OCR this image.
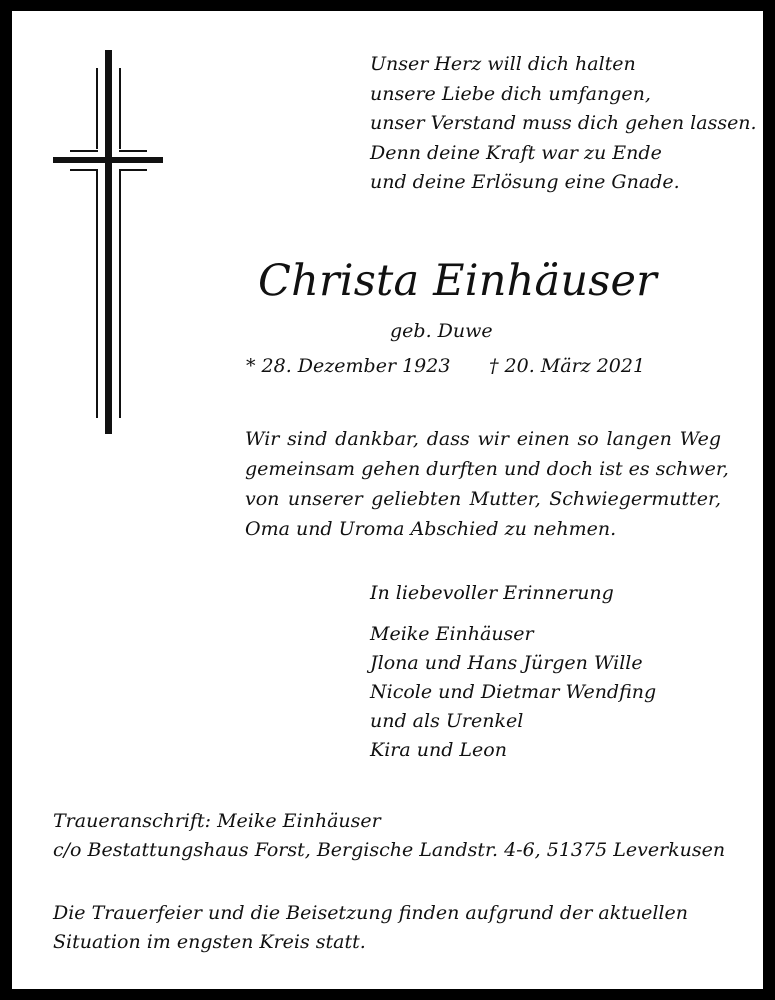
Unser Herz will dich halten
unsere Liebe dich umfangen,
unser Verstand muss dich gehen lassen.
Denn deine Kraft war zu Ende
und deine Erlösung eine Gnade.
Christa Einhäuser
geb. Duwe
* 28. Dezember 1923 † 20. März 2021
Wir sind dankbar, dass wir einen so langen Weg
gemeinsam gehen durften und doch ist es schwer,
von unserer geliebten Mutter, Schwiegermutter,
Oma und Uroma Abschied zu nehmen.
In liebevoller Erinnerung
Meike Einhäuser
Jlona und Hans Jürgen Wille
Nicole und Dietmar Wendfing
und als Urenkel
Kira und Leon
Traueranschrift: Meike Einhäuser
c/o Bestattungshaus Forst, Bergische Landstr. 4-6, 51375 Leverkusen
Die Trauerfeier und die Beisetzung finden aufgrund der aktuellen
Situation im engsten Kreis statt.
